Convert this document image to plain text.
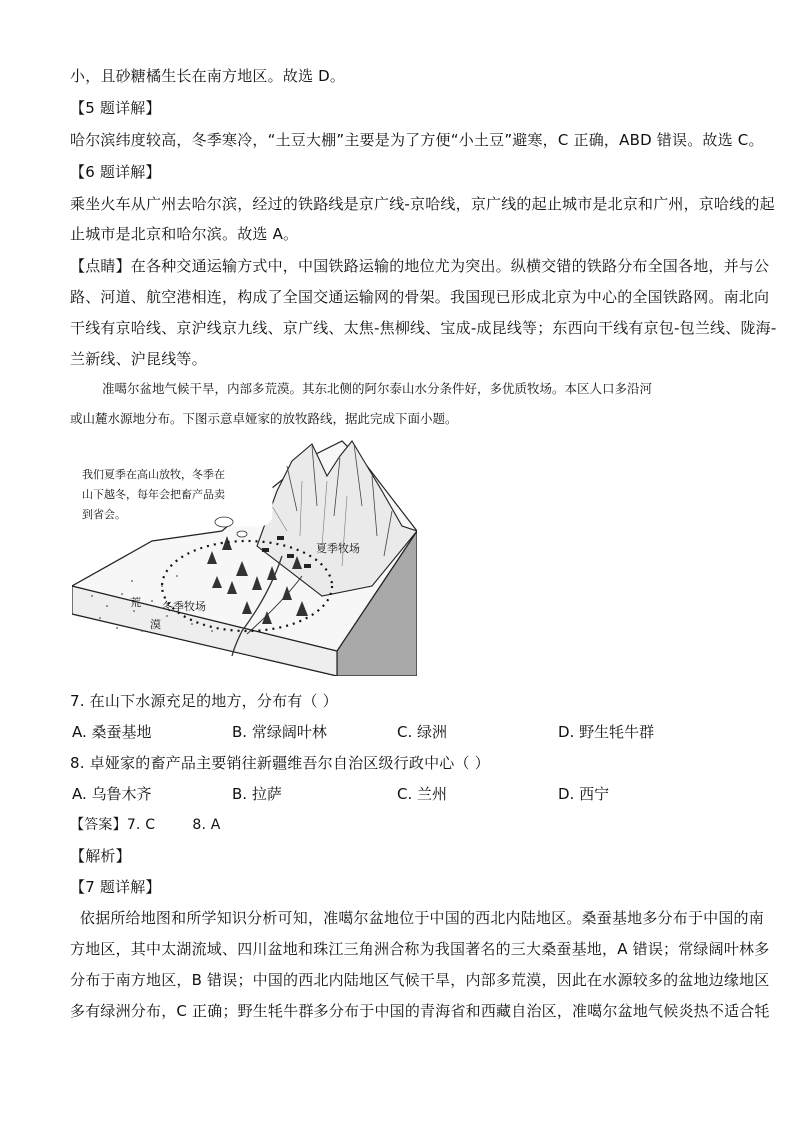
小，且砂糖橘生长在南方地区。故选 D。
【5 题详解】
哈尔滨纬度较高，冬季寒冷，“土豆大棚”主要是为了方便“小土豆”避寒，C 正确，ABD 错误。故选 C。
【6 题详解】
乘坐火车从广州去哈尔滨，经过的铁路线是京广线-京哈线，京广线的起止城市是北京和广州，京哈线的起
止城市是北京和哈尔滨。故选 A。
【点睛】在各种交通运输方式中，中国铁路运输的地位尤为突出。纵横交错的铁路分布全国各地，并与公
路、河道、航空港相连，构成了全国交通运输网的骨架。我国现已形成北京为中心的全国铁路网。南北向
干线有京哈线、京沪线京九线、京广线、太焦-焦柳线、宝成-成昆线等；东西向干线有京包-包兰线、陇海-
兰新线、沪昆线等。
准噶尔盆地气候干旱，内部多荒漠。其东北侧的阿尔泰山水分条件好，多优质牧场。本区人口多沿河
或山麓水源地分布。下图示意卓娅家的放牧路线，据此完成下面小题。
我们夏季在高山放牧，冬季在
山下越冬，每年会把畜产品卖
到省会。
夏季牧场
冬季牧场
荒
漠
7. 在山下水源充足的地方，分布有（ ）
A. 桑蚕基地	B. 常绿阔叶林	C. 绿洲	D. 野生牦牛群
8. 卓娅家的畜产品主要销往新疆维吾尔自治区级行政中心（ ）
A. 乌鲁木齐	B. 拉萨	C. 兰州	D. 西宁
【答案】7. C        8. A
【解析】
【7 题详解】
依据所给地图和所学知识分析可知，准噶尔盆地位于中国的西北内陆地区。桑蚕基地多分布于中国的南
方地区，其中太湖流域、四川盆地和珠江三角洲合称为我国著名的三大桑蚕基地，A 错误；常绿阔叶林多
分布于南方地区，B 错误；中国的西北内陆地区气候干旱，内部多荒漠，因此在水源较多的盆地边缘地区
多有绿洲分布，C 正确；野生牦牛群多分布于中国的青海省和西藏自治区，准噶尔盆地气候炎热不适合牦
